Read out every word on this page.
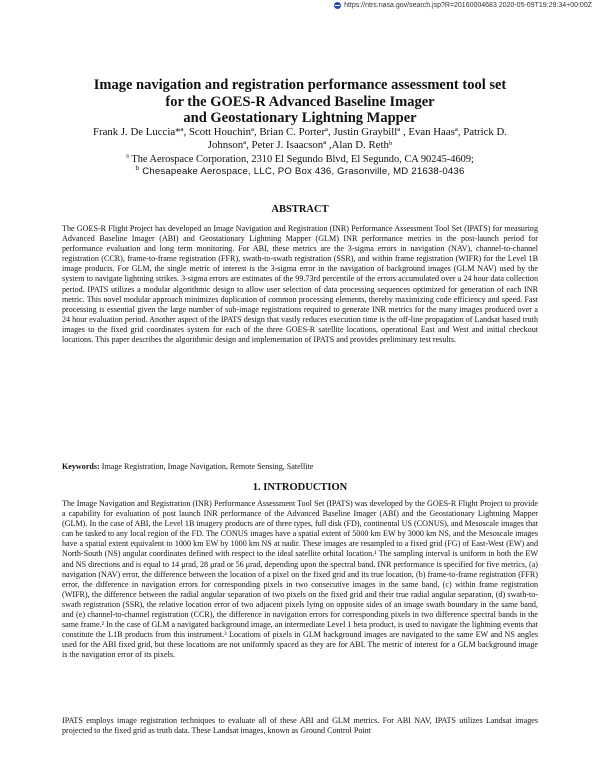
https://ntrs.nasa.gov/search.jsp?R=20160004683 2020-05-09T19:29:34+00:00Z
Image navigation and registration performance assessment tool set
for the GOES-R Advanced Baseline Imager
and Geostationary Lightning Mapper
Frank J. De Luccia*ª, Scott Houchinª, Brian C. Porterª, Justin Graybillª , Evan Haasª, Patrick D.
Johnsonª, Peter J. Isaacsonª ,Alan D. Rethᵇ
$^a$ The Aerospace Corporation, 2310 El Segundo Blvd, El Segundo, CA 90245-4609;
$^b$ Chesapeake Aerospace, LLC, PO Box 436, Grasonville, MD 21638-0436
ABSTRACT
The GOES-R Flight Project has developed an Image Navigation and Registration (INR) Performance Assessment Tool Set (IPATS) for measuring Advanced Baseline Imager (ABI) and Geostationary Lightning Mapper (GLM) INR performance metrics in the post-launch period for performance evaluation and long term monitoring. For ABI, these metrics are the 3-sigma errors in navigation (NAV), channel-to-channel registration (CCR), frame-to-frame registration (FFR), swath-to-swath registration (SSR), and within frame registration (WIFR) for the Level 1B image products. For GLM, the single metric of interest is the 3-sigma error in the navigation of background images (GLM NAV) used by the system to navigate lightning strikes. 3-sigma errors are estimates of the 99.73rd percentile of the errors accumulated over a 24 hour data collection period. IPATS utilizes a modular algorithmic design to allow user selection of data processing sequences optimized for generation of each INR metric. This novel modular approach minimizes duplication of common processing elements, thereby maximizing code efficiency and speed. Fast processing is essential given the large number of sub-image registrations required to generate INR metrics for the many images produced over a 24 hour evaluation period. Another aspect of the IPATS design that vastly reduces execution time is the off-line propagation of Landsat based truth images to the fixed grid coordinates system for each of the three GOES-R satellite locations, operational East and West and initial checkout locations. This paper describes the algorithmic design and implementation of IPATS and provides preliminary test results.
Keywords: Image Registration, Image Navigation, Remote Sensing, Satellite
1. INTRODUCTION
The Image Navigation and Registration (INR) Performance Assessment Tool Set (IPATS) was developed by the GOES-R Flight Project to provide a capability for evaluation of post launch INR performance of the Advanced Baseline Imager (ABI) and the Geostationary Lightning Mapper (GLM). In the case of ABI, the Level 1B imagery products are of three types, full disk (FD), continental US (CONUS), and Mesoscale images that can be tasked to any local region of the FD. The CONUS images have a spatial extent of 5000 km EW by 3000 km NS, and the Mesoscale images have a spatial extent equivalent to 1000 km EW by 1000 km NS at nadir. These images are resampled to a fixed grid (FG) of East-West (EW) and North-South (NS) angular coordinates defined with respect to the ideal satellite orbital location.¹ The sampling interval is uniform in both the EW and NS directions and is equal to 14 μrad, 28 μrad or 56 μrad, depending upon the spectral band. INR performance is specified for five metrics, (a) navigation (NAV) error, the difference between the location of a pixel on the fixed grid and its true location, (b) frame-to-frame registration (FFR) error, the difference in navigation errors for corresponding pixels in two consecutive images in the same band, (c) within frame registration (WIFR), the difference between the radial angular separation of two pixels on the fixed grid and their true radial angular separation, (d) swath-to-swath registration (SSR), the relative location error of two adjacent pixels lying on opposite sides of an image swath boundary in the same band, and (e) channel-to-channel registration (CCR), the difference in navigation errors for corresponding pixels in two difference spectral bands in the same frame.² In the case of GLM a navigated background image, an intermediate Level 1 beta product, is used to navigate the lightning events that constitute the L1B products from this instrument.³ Locations of pixels in GLM background images are navigated to the same EW and NS angles used for the ABI fixed grid, but these locations are not uniformly spaced as they are for ABI. The metric of interest for a GLM background image is the navigation error of its pixels.
IPATS employs image registration techniques to evaluate all of these ABI and GLM metrics. For ABI NAV, IPATS utilizes Landsat images projected to the fixed grid as truth data. These Landsat images, known as Ground Control Point
